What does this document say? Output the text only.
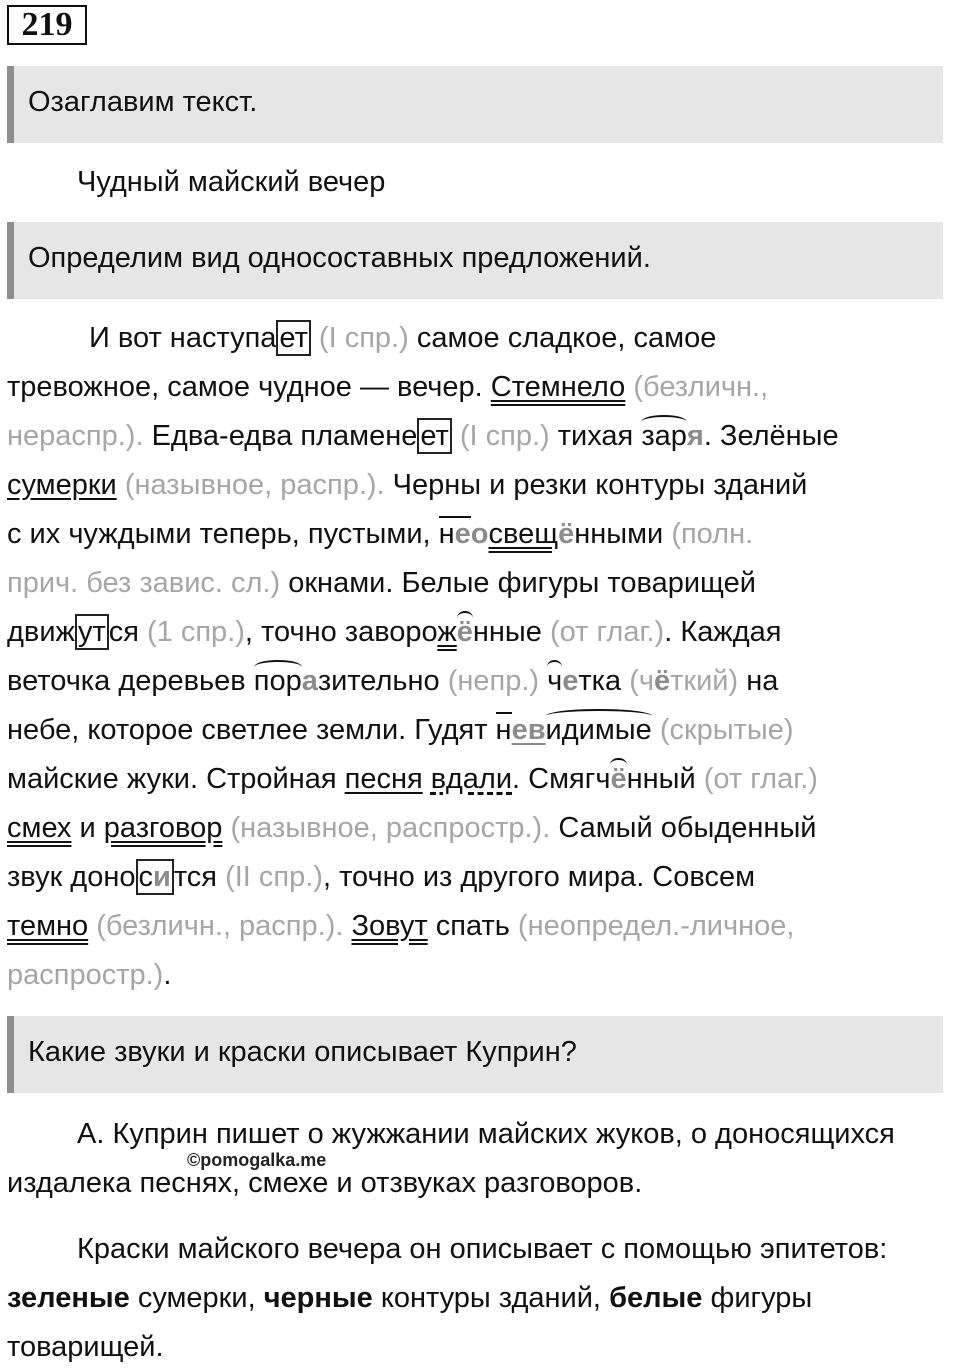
219
Озаглавим текст.
Чудный майский вечер
Определим вид односоставных предложений.
И вот наступа ет (I спр.) самое сладкое, самое
тревожное, самое чудное — вечер. Стемнело (безличн.,
нераспр.). Едва-едва пламене ет (I спр.) тихая заря. Зелёные
сумерки (назывное, распр.). Черны и резки контуры зданий
с их чуждыми теперь, пустыми, неосвещёнными (полн.
прич. без завис. сл.) окнами. Белые фигуры товарищей
движ ут ся (1 спр.), точно заворожённые (от глаг.). Каждая
веточка деревьев поразительно (непр.) четка (чёткий) на
небе, которое светлее земли. Гудят невидимые (скрытые)
майские жуки. Стройная песня вдали. Смягчённый (от глаг.)
смех и разговор (назывное, распростр.). Самый обыденный
звук доно си тся (II спр.), точно из другого мира. Совсем
темно (безличн., распр.). Зовут спать (неопредел.-личное,
распростр.).
Какие звуки и краски описывает Куприн?
А. Куприн пишет о жужжании майских жуков, о доносящихся издалека песнях, смехе и отзвуках разговоров.
©pomogalka.me
Краски майского вечера он описывает с помощью эпитетов: зеленые сумерки, черные контуры зданий, белые фигуры товарищей.
